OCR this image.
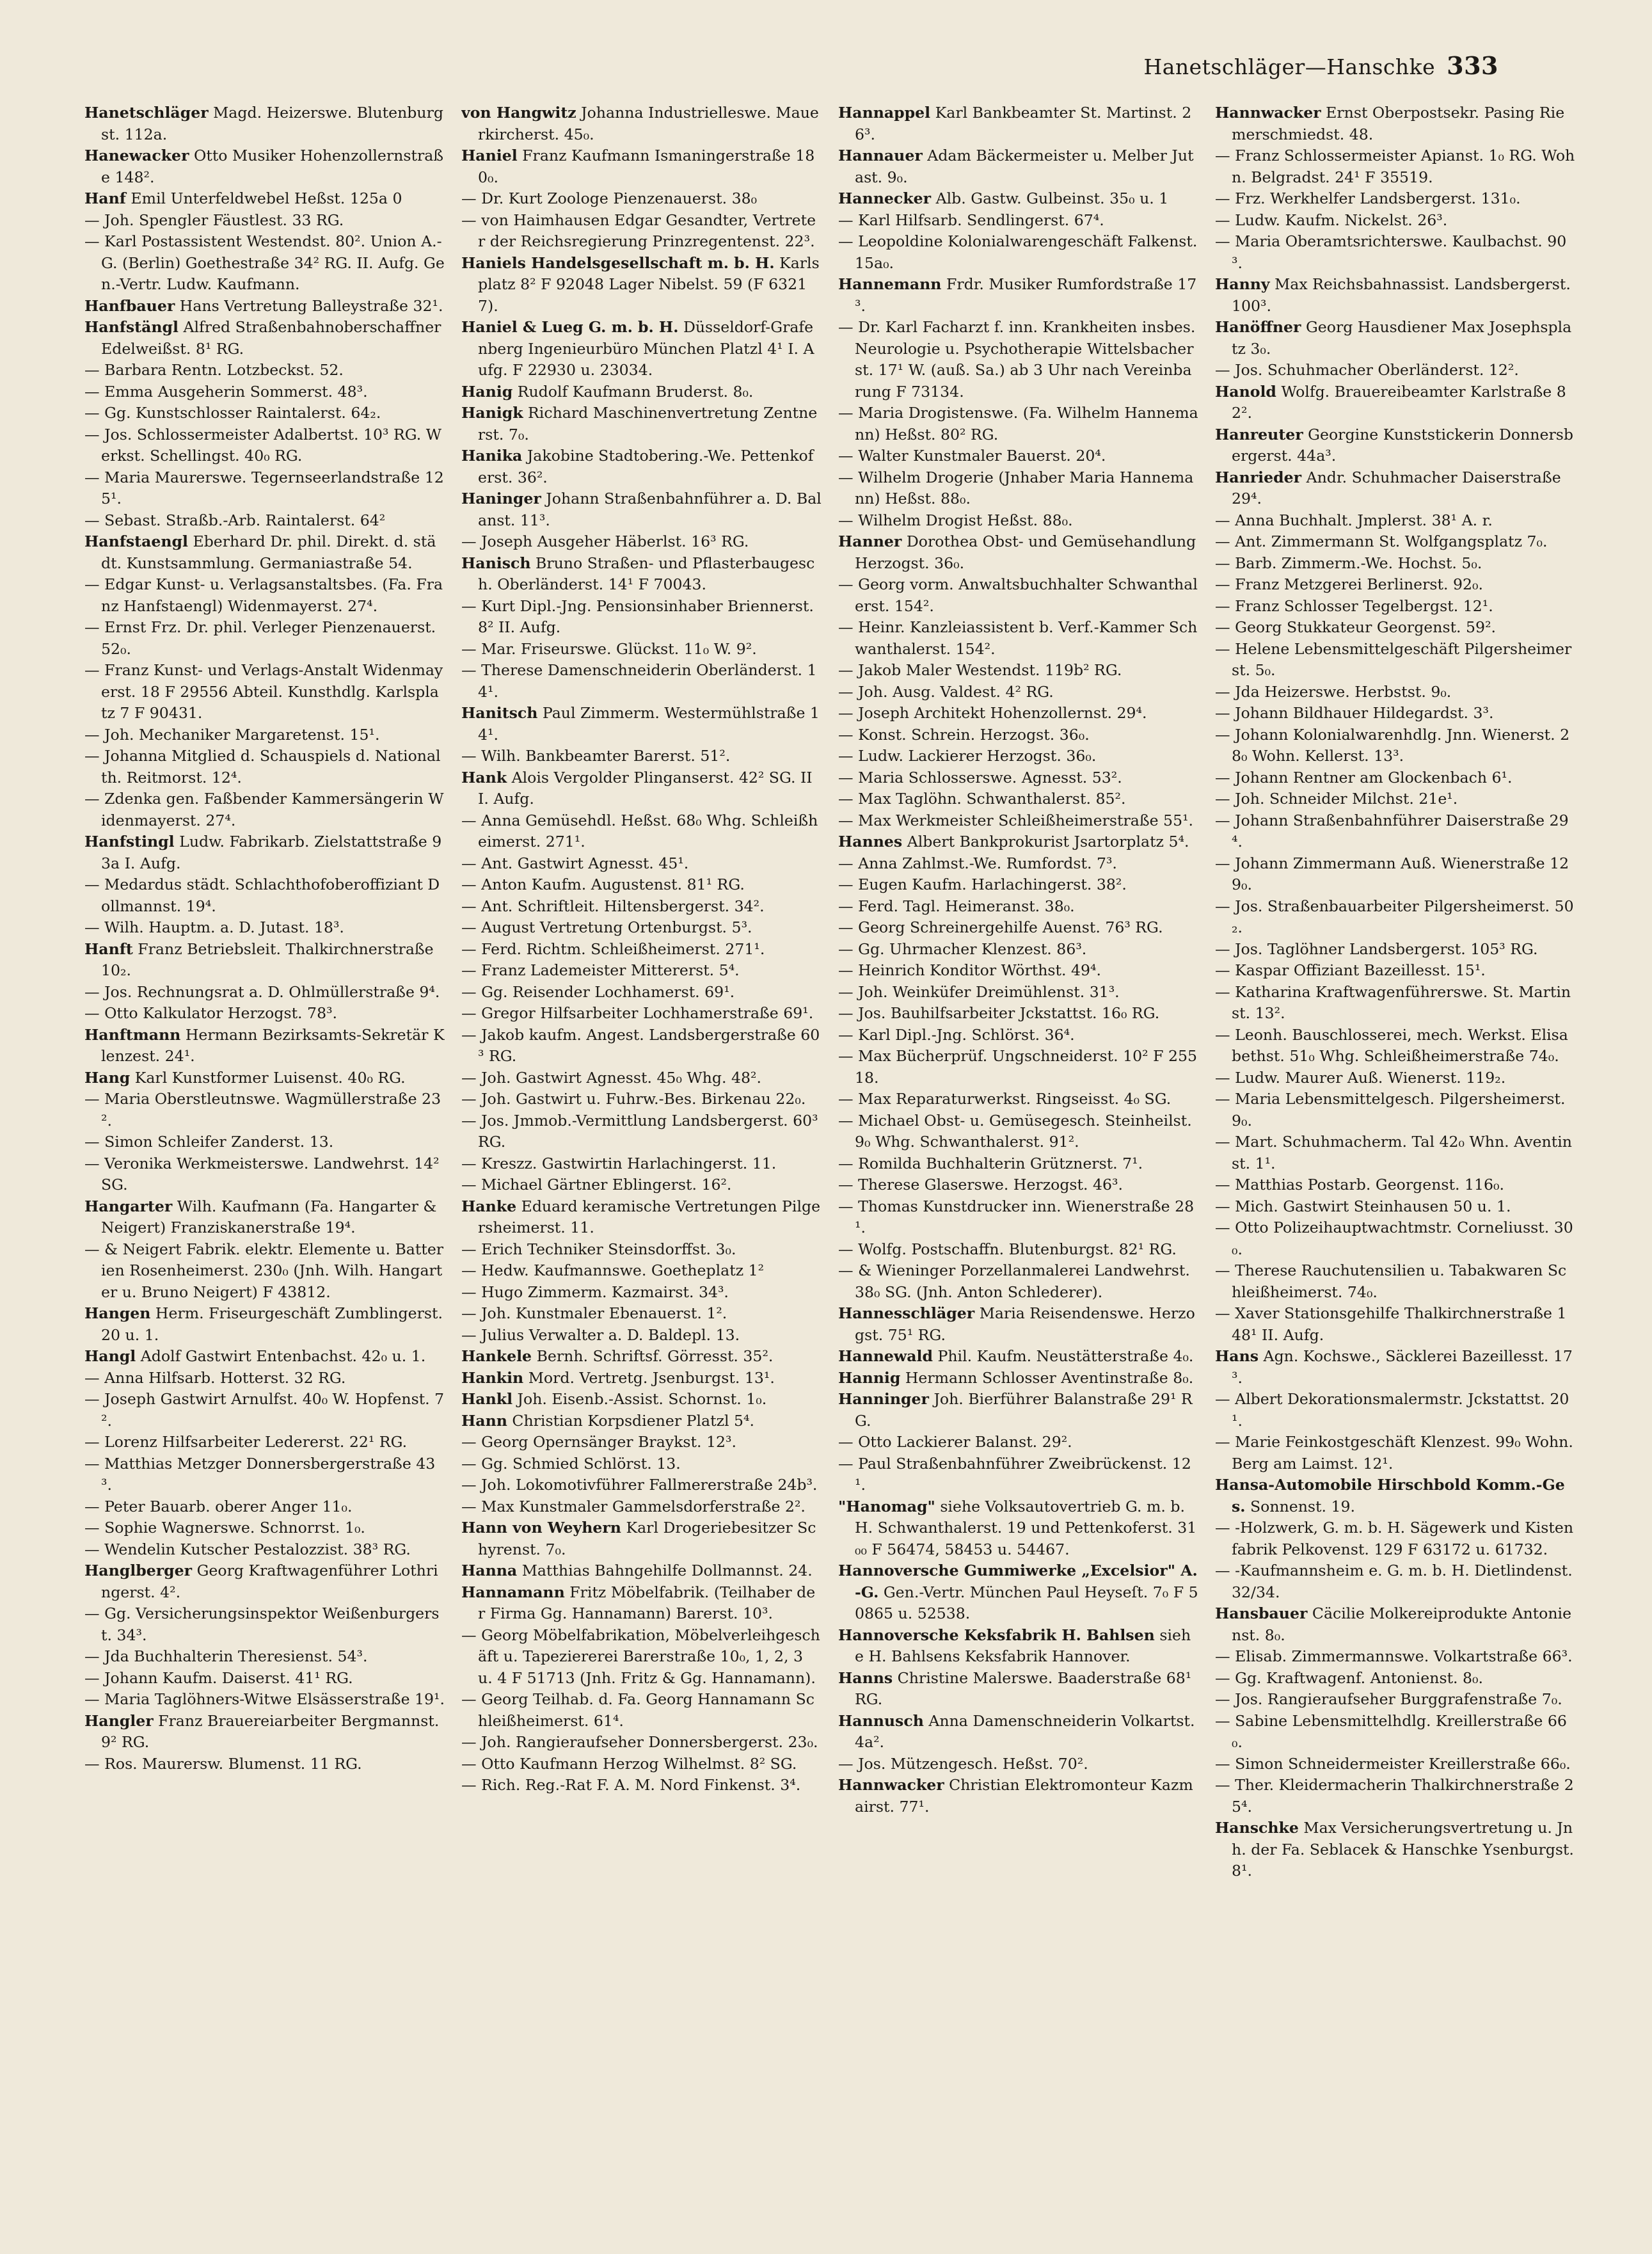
Hanetschläger—Hanschke 333

Hanetschläger Magd. Heizerswe. Blutenburgst. 112a.

Hanewacker Otto Musiker Hohenzollernstraße 148².

Hanf Emil Unterfeldwebel Heßst. 125a 0

— Joh. Spengler Fäustlest. 33 RG.

— Karl Postassistent Westendst. 80². Union A.-G. (Berlin) Goethestraße 34² RG. II. Aufg. Gen.-Vertr. Ludw. Kaufmann.

Hanfbauer Hans Vertretung Balleystraße 32¹.

Hanfstängl Alfred Straßenbahnoberschaffner Edelweißst. 8¹ RG.

— Barbara Rentn. Lotzbeckst. 52.

— Emma Ausgeherin Sommerst. 48³.

— Gg. Kunstschlosser Raintalerst. 64₂.

— Jos. Schlossermeister Adalbertst. 10³ RG. Werkst. Schellingst. 40₀ RG.

— Maria Maurerswe. Tegernseerlandstraße 125¹.

— Sebast. Straßb.-Arb. Raintalerst. 64²

Hanfstaengl Eberhard Dr. phil. Direkt. d. städt. Kunstsammlung. Germaniastraße 54.

— Edgar Kunst- u. Verlagsanstaltsbes. (Fa. Franz Hanfstaengl) Widenmayerst. 27⁴.

— Ernst Frz. Dr. phil. Verleger Pienzenauerst. 52₀.

— Franz Kunst- und Verlags-Anstalt Widenmayerst. 18 F 29556 Abteil. Kunsthdlg. Karlsplatz 7 F 90431.

— Joh. Mechaniker Margaretenst. 15¹.

— Johanna Mitglied d. Schauspiels d. Nationalth. Reitmorst. 12⁴.

— Zdenka gen. Faßbender Kammersängerin Widenmayerst. 27⁴.

Hanfstingl Ludw. Fabrikarb. Zielstattstraße 93a I. Aufg.

— Medardus städt. Schlachthofoberoffiziant Dollmannst. 19⁴.

— Wilh. Hauptm. a. D. Jutast. 18³.

Hanft Franz Betriebsleit. Thalkirchnerstraße 10₂.

— Jos. Rechnungsrat a. D. Ohlmüllerstraße 9⁴.

— Otto Kalkulator Herzogst. 78³.

Hanftmann Hermann Bezirksamts-Sekretär Klenzest. 24¹.

Hang Karl Kunstformer Luisenst. 40₀ RG.

— Maria Oberstleutnswe. Wagmüllerstraße 23².

— Simon Schleifer Zanderst. 13.

— Veronika Werkmeisterswe. Landwehrst. 14² SG.

Hangarter Wilh. Kaufmann (Fa. Hangarter & Neigert) Franziskanerstraße 19⁴.

— & Neigert Fabrik. elektr. Elemente u. Batterien Rosenheimerst. 230₀ (Jnh. Wilh. Hangarter u. Bruno Neigert) F 43812.

Hangen Herm. Friseurgeschäft Zumblingerst. 20 u. 1.

Hangl Adolf Gastwirt Entenbachst. 42₀ u. 1.

— Anna Hilfsarb. Hotterst. 32 RG.

— Joseph Gastwirt Arnulfst. 40₀ W. Hopfenst. 7².

— Lorenz Hilfsarbeiter Ledererst. 22¹ RG.

— Matthias Metzger Donnersbergerstraße 43³.

— Peter Bauarb. oberer Anger 11₀.

— Sophie Wagnerswe. Schnorrst. 1₀.

— Wendelin Kutscher Pestalozzist. 38³ RG.

Hanglberger Georg Kraftwagenführer Lothringerst. 4².

— Gg. Versicherungsinspektor Weißenburgerst. 34³.

— Jda Buchhalterin Theresienst. 54³.

— Johann Kaufm. Daiserst. 41¹ RG.

— Maria Taglöhners-Witwe Elsässerstraße 19¹.

Hangler Franz Brauereiarbeiter Bergmannst. 9² RG.

— Ros. Maurersw. Blumenst. 11 RG.

von Hangwitz Johanna Industrielleswe. Mauerkircherst. 45₀.

Haniel Franz Kaufmann Ismaningerstraße 180₀.

— Dr. Kurt Zoologe Pienzenauerst. 38₀

— von Haimhausen Edgar Gesandter, Vertreter der Reichsregierung Prinzregentenst. 22³.

Haniels Handelsgesellschaft m. b. H. Karlsplatz 8² F 92048 Lager Nibelst. 59 (F 63217).

Haniel & Lueg G. m. b. H. Düsseldorf-Grafenberg Ingenieurbüro München Platzl 4¹ I. Aufg. F 22930 u. 23034.

Hanig Rudolf Kaufmann Bruderst. 8₀.

Hanigk Richard Maschinenvertretung Zentnerst. 7₀.

Hanika Jakobine Stadtobering.-We. Pettenkoferst. 36².

Haninger Johann Straßenbahnführer a. D. Balanst. 11³.

— Joseph Ausgeher Häberlst. 16³ RG.

Hanisch Bruno Straßen- und Pflasterbaugesch. Oberländerst. 14¹ F 70043.

— Kurt Dipl.-Jng. Pensionsinhaber Briennerst. 8² II. Aufg.

— Mar. Friseurswe. Glückst. 11₀ W. 9².

— Therese Damenschneiderin Oberländerst. 14¹.

Hanitsch Paul Zimmerm. Westermühlstraße 14¹.

— Wilh. Bankbeamter Barerst. 51².

Hank Alois Vergolder Plinganserst. 42² SG. III. Aufg.

— Anna Gemüsehdl. Heßst. 68₀ Whg. Schleißheimerst. 271¹.

— Ant. Gastwirt Agnesst. 45¹.

— Anton Kaufm. Augustenst. 81¹ RG.

— Ant. Schriftleit. Hiltensbergerst. 34².

— August Vertretung Ortenburgst. 5³.

— Ferd. Richtm. Schleißheimerst. 271¹.

— Franz Lademeister Mittererst. 5⁴.

— Gg. Reisender Lochhamerst. 69¹.

— Gregor Hilfsarbeiter Lochhamerstraße 69¹.

— Jakob kaufm. Angest. Landsbergerstraße 60³ RG.

— Joh. Gastwirt Agnesst. 45₀ Whg. 48².

— Joh. Gastwirt u. Fuhrw.-Bes. Birkenau 22₀.

— Jos. Jmmob.-Vermittlung Landsbergerst. 60³ RG.

— Kreszz. Gastwirtin Harlachingerst. 11.

— Michael Gärtner Eblingerst. 16².

Hanke Eduard keramische Vertretungen Pilgersheimerst. 11.

— Erich Techniker Steinsdorffst. 3₀.

— Hedw. Kaufmannswe. Goetheplatz 1²

— Hugo Zimmerm. Kazmairst. 34³.

— Joh. Kunstmaler Ebenauerst. 1².

— Julius Verwalter a. D. Baldepl. 13.

Hankele Bernh. Schriftsf. Görresst. 35².

Hankin Mord. Vertretg. Jsenburgst. 13¹.

Hankl Joh. Eisenb.-Assist. Schornst. 1₀.

Hann Christian Korpsdiener Platzl 5⁴.

— Georg Opernsänger Braykst. 12³.

— Gg. Schmied Schlörst. 13.

— Joh. Lokomotivführer Fallmererstraße 24b³.

— Max Kunstmaler Gammelsdorferstraße 2².

Hann von Weyhern Karl Drogeriebesitzer Schyrenst. 7₀.

Hanna Matthias Bahngehilfe Dollmannst. 24.

Hannamann Fritz Möbelfabrik. (Teilhaber der Firma Gg. Hannamann) Barerst. 10³.

— Georg Möbelfabrikation, Möbelverleihgeschäft u. Tapeziererei Barerstraße 10₀, 1, 2, 3 u. 4 F 51713 (Jnh. Fritz & Gg. Hannamann).

— Georg Teilhab. d. Fa. Georg Hannamann Schleißheimerst. 61⁴.

— Joh. Rangieraufseher Donnersbergerst. 23₀.

— Otto Kaufmann Herzog Wilhelmst. 8² SG.

— Rich. Reg.-Rat F. A. M. Nord Finkenst. 3⁴.

Hannappel Karl Bankbeamter St. Martinst. 26³.

Hannauer Adam Bäckermeister u. Melber Jutast. 9₀.

Hannecker Alb. Gastw. Gulbeinst. 35₀ u. 1

— Karl Hilfsarb. Sendlingerst. 67⁴.

— Leopoldine Kolonialwarengeschäft Falkenst. 15a₀.

Hannemann Frdr. Musiker Rumfordstraße 17³.

— Dr. Karl Facharzt f. inn. Krankheiten insbes. Neurologie u. Psychotherapie Wittelsbacherst. 17¹ W. (auß. Sa.) ab 3 Uhr nach Vereinbarung F 73134.

— Maria Drogistenswe. (Fa. Wilhelm Hannemann) Heßst. 80² RG.

— Walter Kunstmaler Bauerst. 20⁴.

— Wilhelm Drogerie (Jnhaber Maria Hannemann) Heßst. 88₀.

— Wilhelm Drogist Heßst. 88₀.

Hanner Dorothea Obst- und Gemüsehandlung Herzogst. 36₀.

— Georg vorm. Anwaltsbuchhalter Schwanthalerst. 154².

— Heinr. Kanzleiassistent b. Verf.-Kammer Schwanthalerst. 154².

— Jakob Maler Westendst. 119b² RG.

— Joh. Ausg. Valdest. 4² RG.

— Joseph Architekt Hohenzollernst. 29⁴.

— Konst. Schrein. Herzogst. 36₀.

— Ludw. Lackierer Herzogst. 36₀.

— Maria Schlosserswe. Agnesst. 53².

— Max Taglöhn. Schwanthalerst. 85².

— Max Werkmeister Schleißheimerstraße 55¹.

Hannes Albert Bankprokurist Jsartorplatz 5⁴.

— Anna Zahlmst.-We. Rumfordst. 7³.

— Eugen Kaufm. Harlachingerst. 38².

— Ferd. Tagl. Heimeranst. 38₀.

— Georg Schreinergehilfe Auenst. 76³ RG.

— Gg. Uhrmacher Klenzest. 86³.

— Heinrich Konditor Wörthst. 49⁴.

— Joh. Weinküfer Dreimühlenst. 31³.

— Jos. Bauhilfsarbeiter Jckstattst. 16₀ RG.

— Karl Dipl.-Jng. Schlörst. 36⁴.

— Max Bücherprüf. Ungschneiderst. 10² F 25518.

— Max Reparaturwerkst. Ringseisst. 4₀ SG.

— Michael Obst- u. Gemüsegesch. Steinheilst. 9₀ Whg. Schwanthalerst. 91².

— Romilda Buchhalterin Grütznerst. 7¹.

— Therese Glaserswe. Herzogst. 46³.

— Thomas Kunstdrucker inn. Wienerstraße 28¹.

— Wolfg. Postschaffn. Blutenburgst. 82¹ RG.

— & Wieninger Porzellanmalerei Landwehrst. 38₀ SG. (Jnh. Anton Schlederer).

Hannesschläger Maria Reisendenswe. Herzogst. 75¹ RG.

Hannewald Phil. Kaufm. Neustätterstraße 4₀.

Hannig Hermann Schlosser Aventinstraße 8₀.

Hanninger Joh. Bierführer Balanstraße 29¹ RG.

— Otto Lackierer Balanst. 29².

— Paul Straßenbahnführer Zweibrückenst. 12¹.

"Hanomag" siehe Volksautovertrieb G. m. b. H. Schwanthalerst. 19 und Pettenkoferst. 31₀₀ F 56474, 58453 u. 54467.

Hannoversche Gummiwerke „Excelsior" A.-G. Gen.-Vertr. München Paul Heyseſt. 7₀ F 50865 u. 52538.

Hannoversche Keksfabrik H. Bahlsen siehe H. Bahlsens Keksfabrik Hannover.

Hanns Christine Malerswe. Baaderstraße 68¹ RG.

Hannusch Anna Damenschneiderin Volkartst. 4a².

— Jos. Mützengesch. Heßst. 70².

Hannwacker Christian Elektromonteur Kazmairst. 77¹.

Hannwacker Ernst Oberpostsekr. Pasing Riemerschmiedst. 48.

— Franz Schlossermeister Apianst. 1₀ RG. Wohn. Belgradst. 24¹ F 35519.

— Frz. Werkhelfer Landsbergerst. 131₀.

— Ludw. Kaufm. Nickelst. 26³.

— Maria Oberamtsrichterswe. Kaulbachst. 90³.

Hanny Max Reichsbahnassist. Landsbergerst. 100³.

Hanöffner Georg Hausdiener Max Josephsplatz 3₀.

— Jos. Schuhmacher Oberländerst. 12².

Hanold Wolfg. Brauereibeamter Karlstraße 82².

Hanreuter Georgine Kunststickerin Donnersbergerst. 44a³.

Hanrieder Andr. Schuhmacher Daiserstraße 29⁴.

— Anna Buchhalt. Jmplerst. 38¹ A. r.

— Ant. Zimmermann St. Wolfgangsplatz 7₀.

— Barb. Zimmerm.-We. Hochst. 5₀.

— Franz Metzgerei Berlinerst. 92₀.

— Franz Schlosser Tegelbergst. 12¹.

— Georg Stukkateur Georgenst. 59².

— Helene Lebensmittelgeschäft Pilgersheimerst. 5₀.

— Jda Heizerswe. Herbstst. 9₀.

— Johann Bildhauer Hildegardst. 3³.

— Johann Kolonialwarenhdlg. Jnn. Wienerst. 28₀ Wohn. Kellerst. 13³.

— Johann Rentner am Glockenbach 6¹.

— Joh. Schneider Milchst. 21e¹.

— Johann Straßenbahnführer Daiserstraße 29⁴.

— Johann Zimmermann Auß. Wienerstraße 129₀.

— Jos. Straßenbauarbeiter Pilgersheimerst. 50₂.

— Jos. Taglöhner Landsbergerst. 105³ RG.

— Kaspar Offiziant Bazeillesst. 15¹.

— Katharina Kraftwagenführerswe. St. Martinst. 13².

— Leonh. Bauschlosserei, mech. Werkst. Elisabethst. 51₀ Whg. Schleißheimerstraße 74₀.

— Ludw. Maurer Auß. Wienerst. 119₂.

— Maria Lebensmittelgesch. Pilgersheimerst. 9₀.

— Mart. Schuhmacherm. Tal 42₀ Whn. Aventinst. 1¹.

— Matthias Postarb. Georgenst. 116₀.

— Mich. Gastwirt Steinhausen 50 u. 1.

— Otto Polizeihauptwachtmstr. Corneliusst. 30₀.

— Therese Rauchutensilien u. Tabakwaren Schleißheimerst. 74₀.

— Xaver Stationsgehilfe Thalkirchnerstraße 148¹ II. Aufg.

Hans Agn. Kochswe., Säcklerei Bazeillesst. 17³.

— Albert Dekorationsmalermstr. Jckstattst. 20¹.

— Marie Feinkostgeschäft Klenzest. 99₀ Wohn. Berg am Laimst. 12¹.

Hansa-Automobile Hirschbold Komm.-Ges. Sonnenst. 19.

— -Holzwerk, G. m. b. H. Sägewerk und Kistenfabrik Pelkovenst. 129 F 63172 u. 61732.

— -Kaufmannsheim e. G. m. b. H. Dietlindenst. 32/34.

Hansbauer Cäcilie Molkereiprodukte Antonienst. 8₀.

— Elisab. Zimmermannswe. Volkartstraße 66³.

— Gg. Kraftwagenf. Antonienst. 8₀.

— Jos. Rangieraufseher Burggrafenstraße 7₀.

— Sabine Lebensmittelhdlg. Kreillerstraße 66₀.

— Simon Schneidermeister Kreillerstraße 66₀.

— Ther. Kleidermacherin Thalkirchnerstraße 25⁴.

Hanschke Max Versicherungsvertretung u. Jnh. der Fa. Seblacek & Hanschke Ysenburgst. 8¹.
